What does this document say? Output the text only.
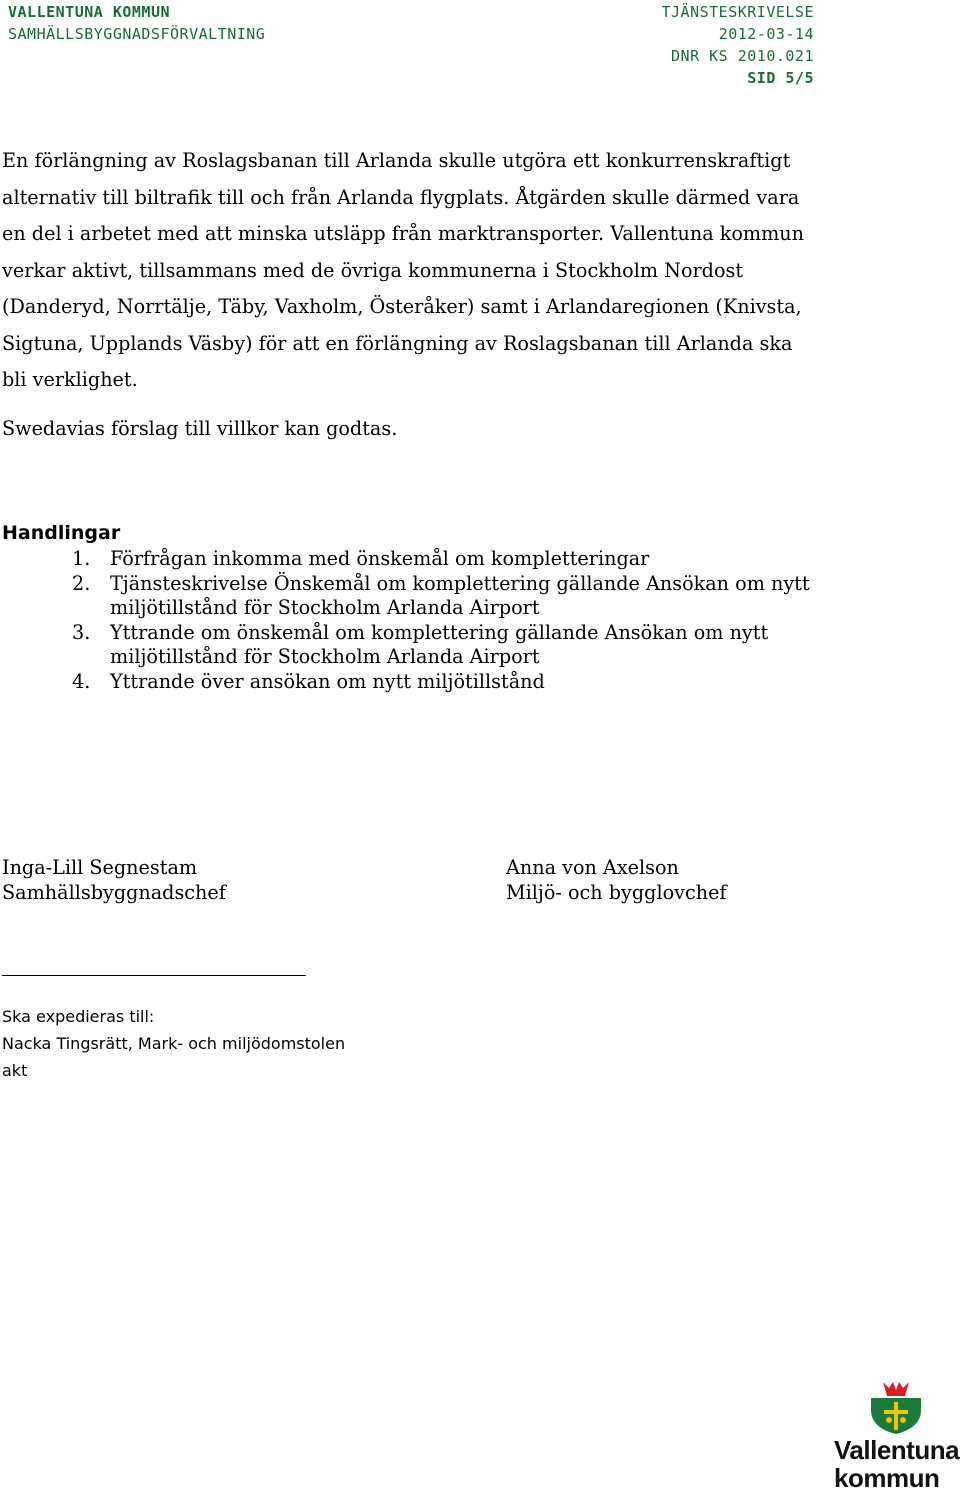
VALLENTUNA KOMMUN
SAMHÄLLSBYGGNADSFÖRVALTNING
TJÄNSTESKRIVELSE
2012-03-14
DNR KS 2010.021
SID 5/5

En förlängning av Roslagsbanan till Arlanda skulle utgöra ett konkurrenskraftigt alternativ till biltrafik till och från Arlanda flygplats. Åtgärden skulle därmed vara en del i arbetet med att minska utsläpp från marktransporter. Vallentuna kommun verkar aktivt, tillsammans med de övriga kommunerna i Stockholm Nordost (Danderyd, Norrtälje, Täby, Vaxholm, Österåker) samt i Arlandaregionen (Knivsta, Sigtuna, Upplands Väsby) för att en förlängning av Roslagsbanan till Arlanda ska bli verklighet.

Swedavias förslag till villkor kan godtas.

Handlingar
1.	Förfrågan inkomma med önskemål om kompletteringar
2.	Tjänsteskrivelse Önskemål om komplettering gällande Ansökan om nytt miljötillstånd för Stockholm Arlanda Airport
3.	Yttrande om önskemål om komplettering gällande Ansökan om nytt miljötillstånd för Stockholm Arlanda Airport
4.	Yttrande över ansökan om nytt miljötillstånd
Inga-Lill Segnestam
Samhällsbyggnadschef
Anna von Axelson
Miljö- och bygglovchef
Ska expedieras till:
Nacka Tingsrätt, Mark- och miljödomstolen
akt
Vallentuna
kommun
